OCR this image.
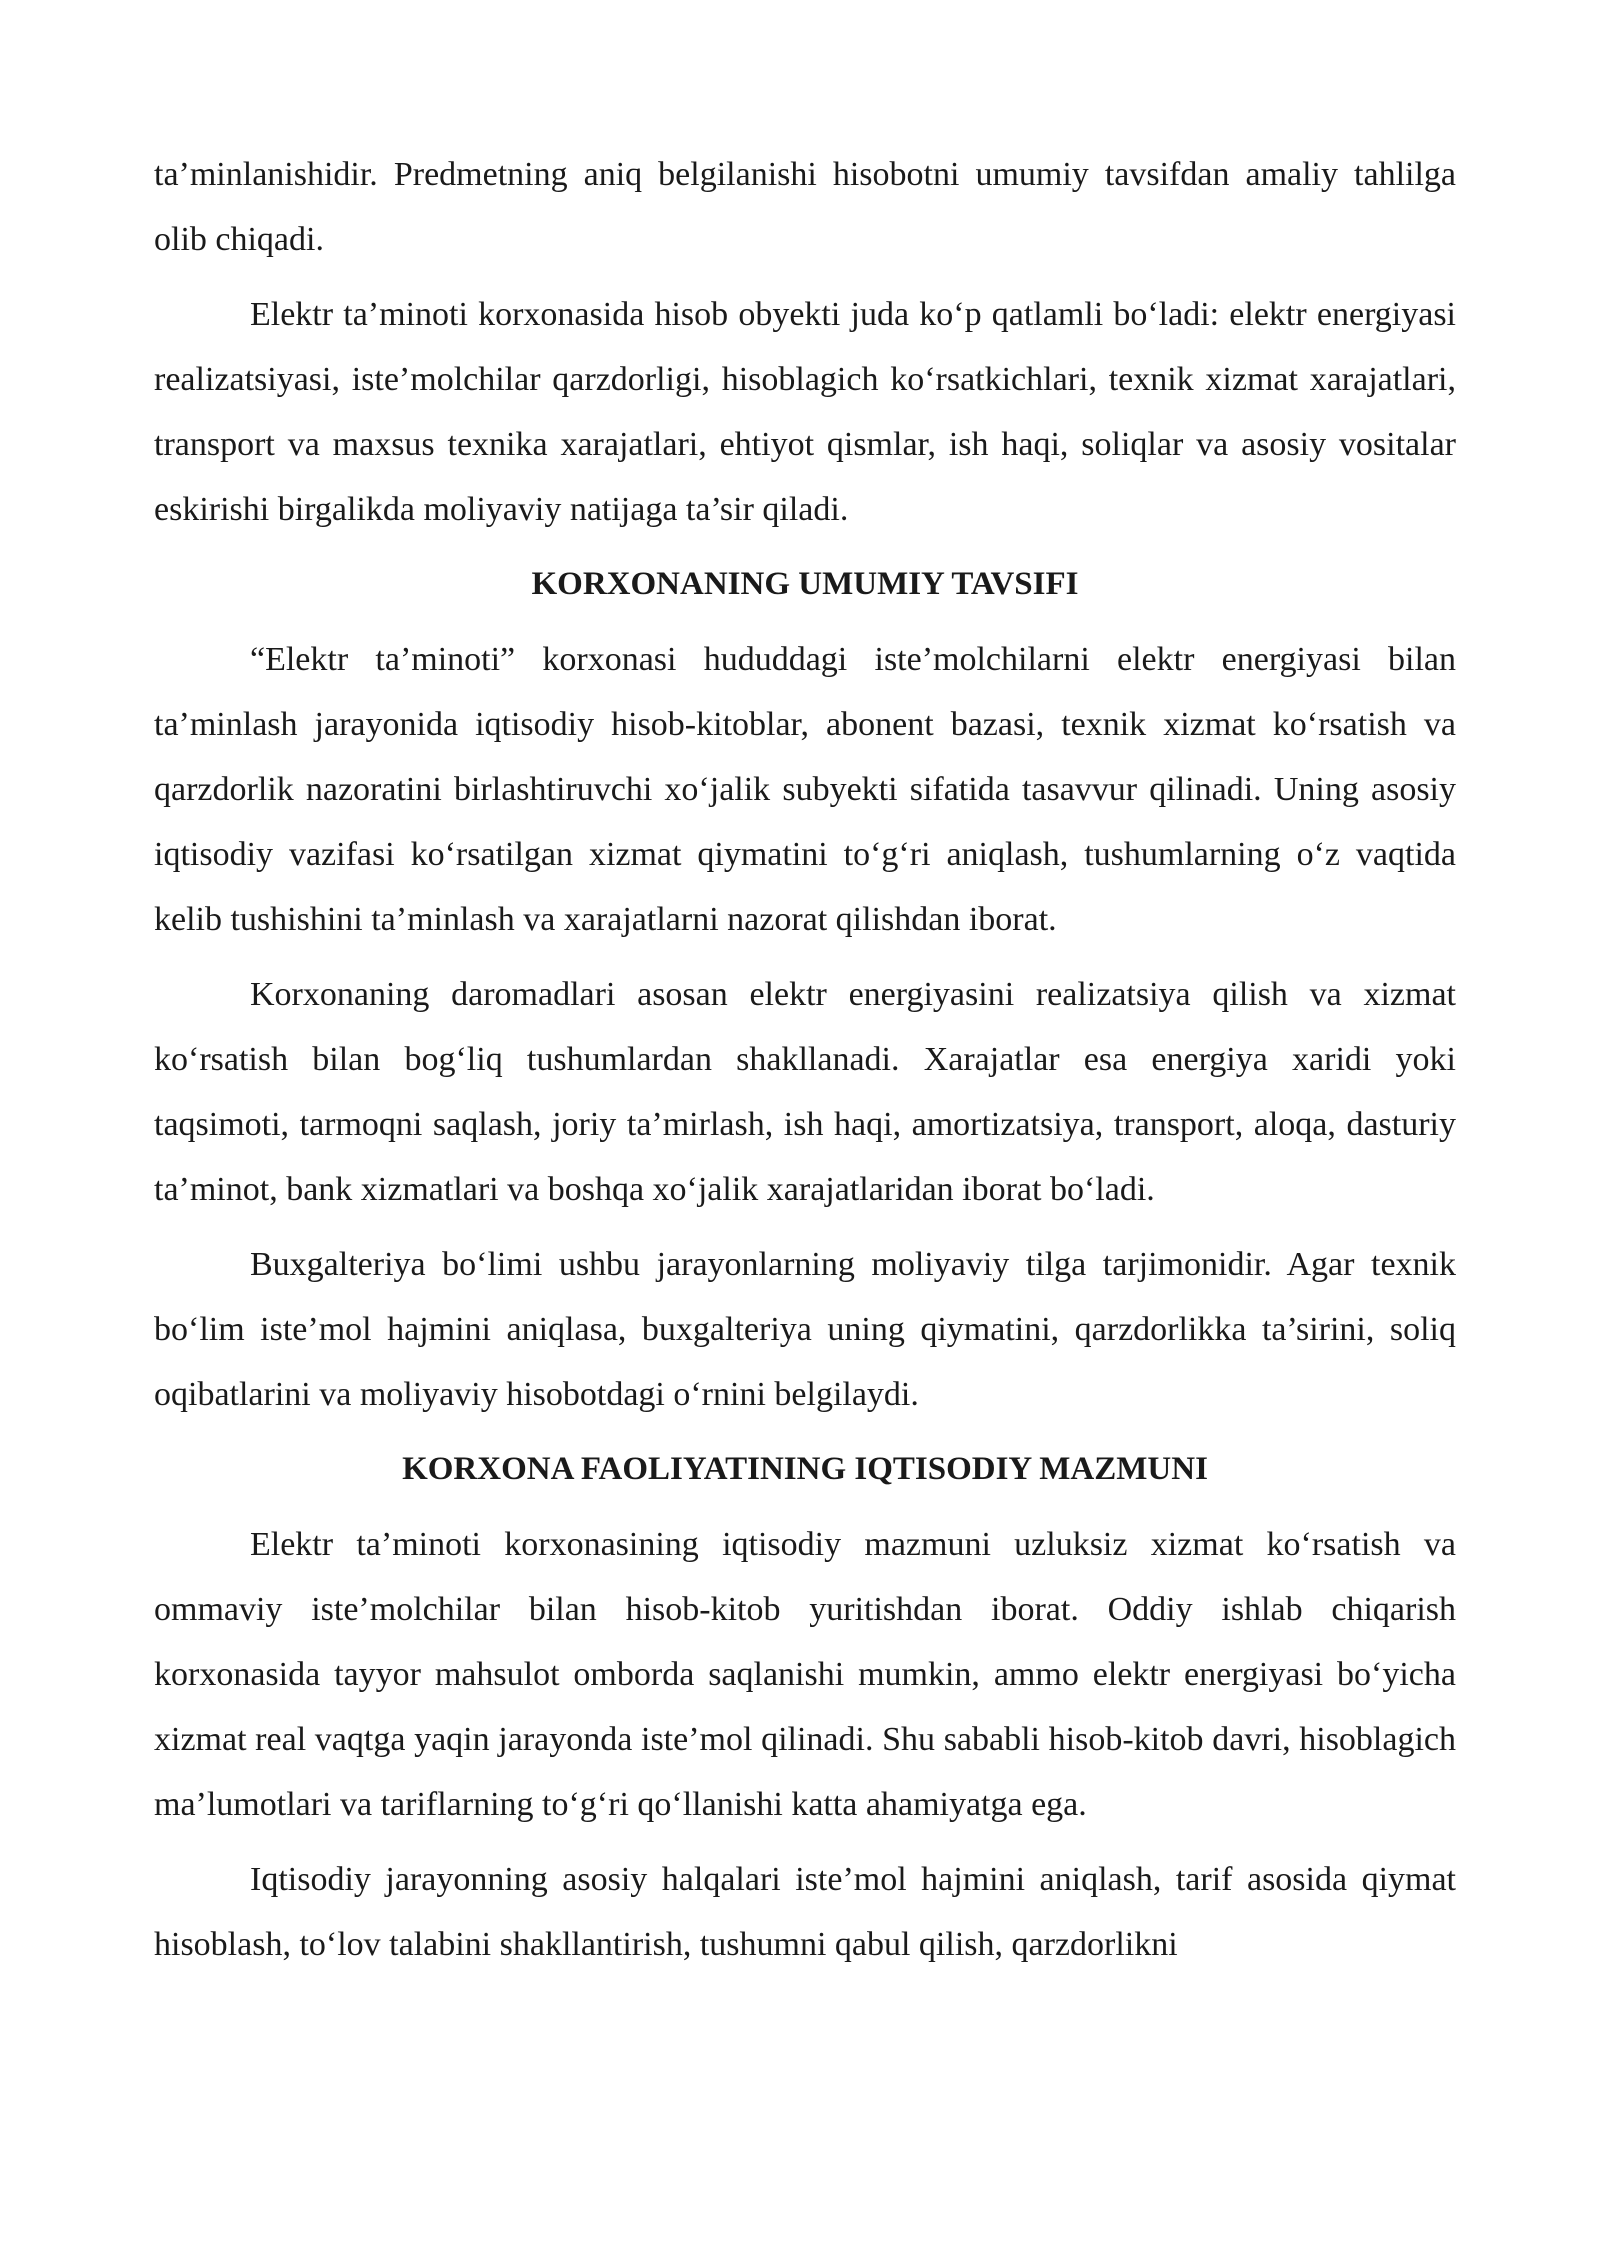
ta’minlanishidir. Predmetning aniq belgilanishi hisobotni umumiy tavsifdan amaliy tahlilga olib chiqadi.

Elektr ta’minoti korxonasida hisob obyekti juda ko‘p qatlamli bo‘ladi: elektr energiyasi realizatsiyasi, iste’molchilar qarzdorligi, hisoblagich ko‘rsatkichlari, texnik xizmat xarajatlari, transport va maxsus texnika xarajatlari, ehtiyot qismlar, ish haqi, soliqlar va asosiy vositalar eskirishi birgalikda moliyaviy natijaga ta’sir qiladi.

KORXONANING UMUMIY TAVSIFI

“Elektr ta’minoti” korxonasi hududdagi iste’molchilarni elektr energiyasi bilan ta’minlash jarayonida iqtisodiy hisob-kitoblar, abonent bazasi, texnik xizmat ko‘rsatish va qarzdorlik nazoratini birlashtiruvchi xo‘jalik subyekti sifatida tasavvur qilinadi. Uning asosiy iqtisodiy vazifasi ko‘rsatilgan xizmat qiymatini to‘g‘ri aniqlash, tushumlarning o‘z vaqtida kelib tushishini ta’minlash va xarajatlarni nazorat qilishdan iborat.

Korxonaning daromadlari asosan elektr energiyasini realizatsiya qilish va xizmat ko‘rsatish bilan bog‘liq tushumlardan shakllanadi. Xarajatlar esa energiya xaridi yoki taqsimoti, tarmoqni saqlash, joriy ta’mirlash, ish haqi, amortizatsiya, transport, aloqa, dasturiy ta’minot, bank xizmatlari va boshqa xo‘jalik xarajatlaridan iborat bo‘ladi.

Buxgalteriya bo‘limi ushbu jarayonlarning moliyaviy tilga tarjimonidir. Agar texnik bo‘lim iste’mol hajmini aniqlasa, buxgalteriya uning qiymatini, qarzdorlikka ta’sirini, soliq oqibatlarini va moliyaviy hisobotdagi o‘rnini belgilaydi.

KORXONA FAOLIYATINING IQTISODIY MAZMUNI

Elektr ta’minoti korxonasining iqtisodiy mazmuni uzluksiz xizmat ko‘rsatish va ommaviy iste’molchilar bilan hisob-kitob yuritishdan iborat. Oddiy ishlab chiqarish korxonasida tayyor mahsulot omborda saqlanishi mumkin, ammo elektr energiyasi bo‘yicha xizmat real vaqtga yaqin jarayonda iste’mol qilinadi. Shu sababli hisob-kitob davri, hisoblagich ma’lumotlari va tariflarning to‘g‘ri qo‘llanishi katta ahamiyatga ega.

Iqtisodiy jarayonning asosiy halqalari iste’mol hajmini aniqlash, tarif asosida qiymat hisoblash, to‘lov talabini shakllantirish, tushumni qabul qilish, qarzdorlikni
